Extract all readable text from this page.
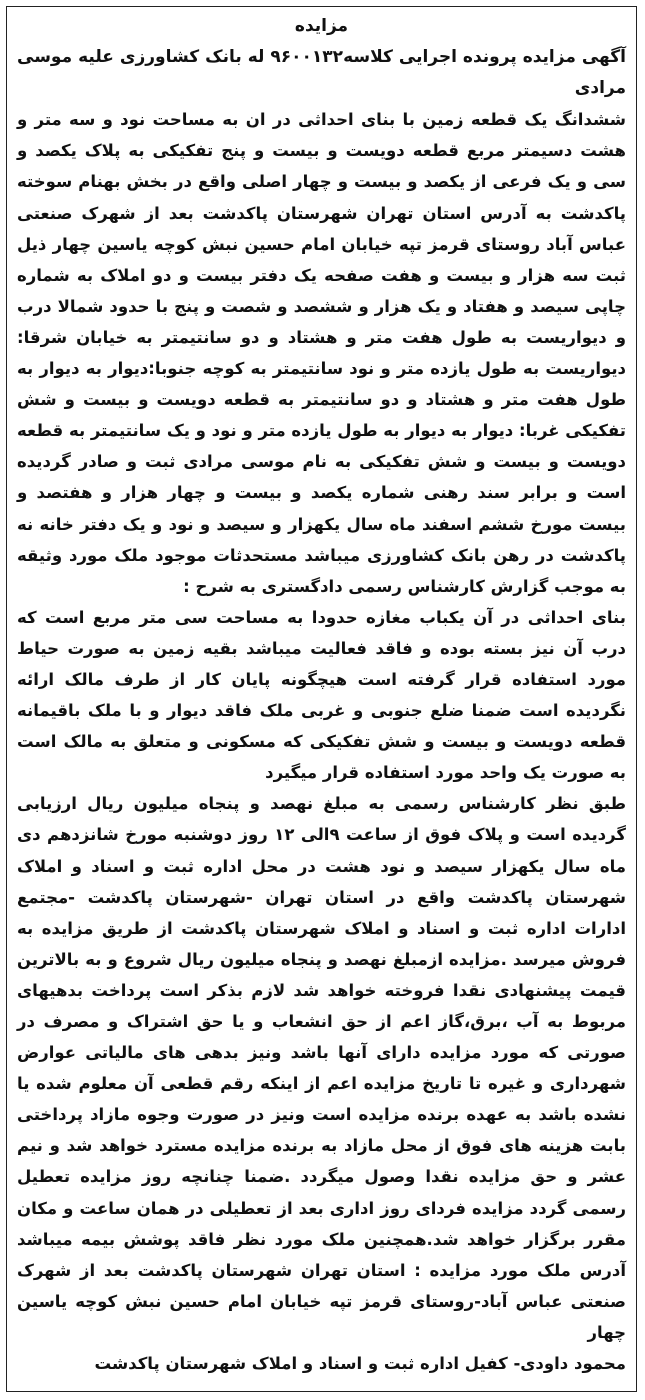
مزایده

آگهی مزایده پرونده اجرایی کلاسه۹۶۰۰۱۳۲ له بانک کشاورزی علیه موسی مرادی

ششدانگ یک قطعه زمین با بنای احداثی در ان به مساحت نود و سه متر و هشت دسیمتر مربع قطعه دویست و بیست و پنج تفکیکی به پلاک یکصد و سی و یک فرعی از یکصد و بیست و چهار اصلی واقع در بخش بهنام سوخته پاکدشت به آدرس استان تهران شهرستان پاکدشت بعد از شهرک صنعتی عباس آباد روستای قرمز تپه خیابان امام حسین نبش کوچه یاسین چهار ذیل ثبت سه هزار و بیست و هفت صفحه یک دفتر بیست و دو املاک به شماره چاپی سیصد و هفتاد و یک هزار و ششصد و شصت و پنج با حدود شمالا درب و دیواریست به طول هفت متر و هشتاد و دو سانتیمتر به خیابان شرقا: دیواریست به طول یازده متر و نود سانتیمتر به کوچه جنوبا:دیوار به دیوار به طول هفت متر و هشتاد و دو سانتیمتر به قطعه دویست و بیست و شش تفکیکی غربا: دیوار به دیوار به طول یازده متر و نود و یک سانتیمتر به قطعه دویست و بیست و شش تفکیکی به نام موسی مرادی ثبت و صادر گردیده است و برابر سند رهنی شماره یکصد و بیست و چهار هزار و هفتصد و بیست مورخ ششم اسفند ماه سال یکهزار و سیصد و نود و یک دفتر خانه نه پاکدشت در رهن بانک کشاورزی میباشد مستحدثات موجود ملک مورد وثیقه به موجب گزارش کارشناس رسمی دادگستری به شرح :

بنای احداثی در آن یکباب مغازه حدودا به مساحت سی متر مربع است که درب آن نیز بسته بوده و فاقد فعالیت میباشد بقیه زمین به صورت حیاط مورد استفاده قرار گرفته است هیچگونه پایان کار از طرف مالک ارائه نگردیده است ضمنا ضلع جنوبی و غربی ملک فاقد دیوار و با ملک باقیمانه قطعه دویست و بیست و شش تفکیکی که مسکونی و متعلق به مالک است به صورت یک واحد مورد استفاده قرار میگیرد

طبق نظر کارشناس رسمی به مبلغ نهصد و پنجاه میلیون ریال ارزیابی گردیده است و پلاک فوق از ساعت ۹الی ۱۲ روز دوشنبه مورخ شانزدهم دی ماه سال یکهزار سیصد و نود هشت در محل اداره ثبت و اسناد و املاک شهرستان پاکدشت واقع در استان تهران -شهرستان پاکدشت -مجتمع ادارات اداره ثبت و اسناد و املاک شهرستان پاکدشت از طریق مزایده به فروش میرسد .مزایده ازمبلغ نهصد و پنجاه میلیون ریال شروع و به بالاترین قیمت پیشنهادی نقدا فروخته خواهد شد لازم بذکر است پرداخت بدهیهای مربوط به آب ،برق،گاز اعم از حق انشعاب و یا حق اشتراک و مصرف در صورتی که مورد مزایده دارای آنها باشد ونیز بدهی های مالیاتی عوارض شهرداری و غیره تا تاریخ مزایده اعم از اینکه رقم قطعی آن معلوم شده یا نشده باشد به عهده برنده مزایده است ونیز در صورت وجوه مازاد پرداختی بابت هزینه های فوق از محل مازاد به برنده مزایده مسترد خواهد شد و نیم عشر و حق مزایده نقدا وصول میگردد .ضمنا چنانچه روز مزایده تعطیل رسمی گردد مزایده فردای روز اداری بعد از تعطیلی در همان ساعت و مکان مقرر برگزار خواهد شد.همچنین ملک مورد نظر فاقد پوشش بیمه میباشد آدرس ملک مورد مزایده : استان تهران شهرستان پاکدشت بعد از شهرک صنعتی عباس آباد-روستای قرمز تپه خیابان امام حسین نبش کوچه یاسین چهار

محمود داودی- کفیل اداره ثبت و اسناد و املاک شهرستان پاکدشت
